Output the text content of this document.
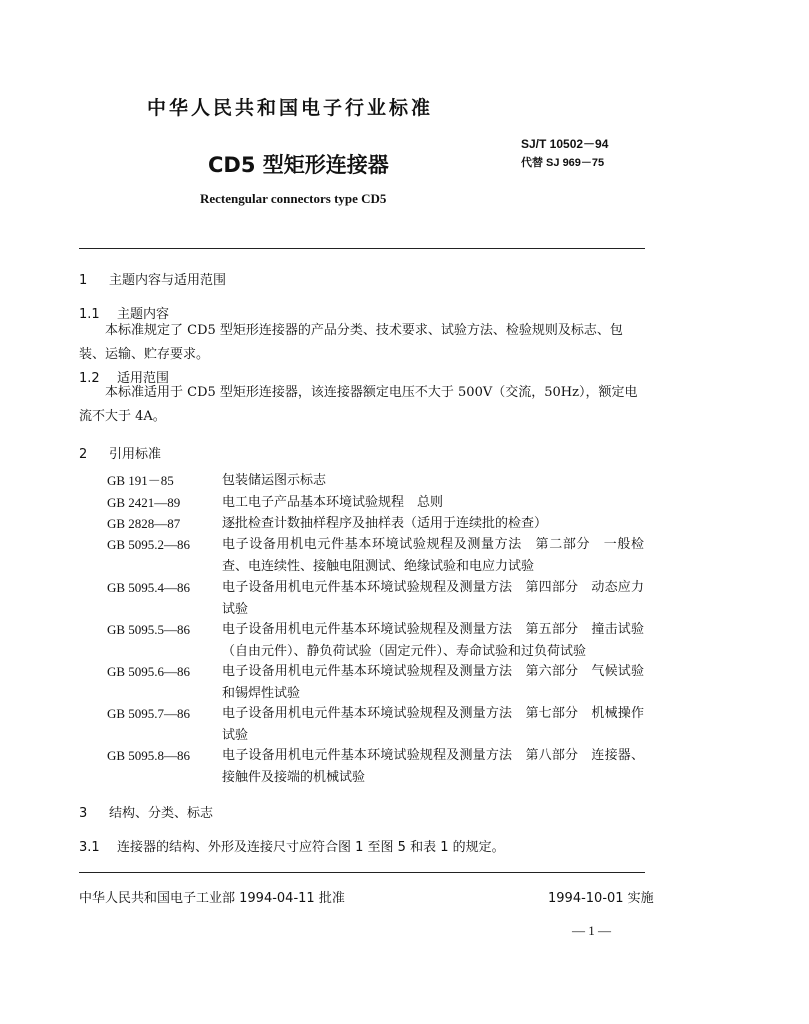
中华人民共和国电子行业标准
SJ/T 10502－94
CD5 型矩形连接器	代替 SJ 969－75
Rectengular connectors type CD5
1 主题内容与适用范围
1.1 主题内容
本标准规定了 CD5 型矩形连接器的产品分类、技术要求、试验方法、检验规则及标志、包装、运输、贮存要求。
1.2 适用范围
本标准适用于 CD5 型矩形连接器，该连接器额定电压不大于 500V（交流，50Hz），额定电流不大于 4A。
2 引用标准
GB 191－85	包装储运图示标志
GB 2421—89	电工电子产品基本环境试验规程　总则
GB 2828—87	逐批检查计数抽样程序及抽样表（适用于连续批的检查）
GB 5095.2—86 电子设备用机电元件基本环境试验规程及测量方法　第二部分　一般检查、电连续性、接触电阻测试、绝缘试验和电应力试验
GB 5095.4—86 电子设备用机电元件基本环境试验规程及测量方法　第四部分　动态应力试验
GB 5095.5—86 电子设备用机电元件基本环境试验规程及测量方法　第五部分　撞击试验（自由元件）、静负荷试验（固定元件）、寿命试验和过负荷试验
GB 5095.6—86 电子设备用机电元件基本环境试验规程及测量方法　第六部分　气候试验和锡焊性试验
GB 5095.7—86 电子设备用机电元件基本环境试验规程及测量方法　第七部分　机械操作试验
GB 5095.8—86 电子设备用机电元件基本环境试验规程及测量方法　第八部分　连接器、接触件及接端的机械试验
3 结构、分类、标志
3.1 连接器的结构、外形及连接尺寸应符合图 1 至图 5 和表 1 的规定。
中华人民共和国电子工业部 1994-04-11 批准	1994-10-01 实施
— 1 —
